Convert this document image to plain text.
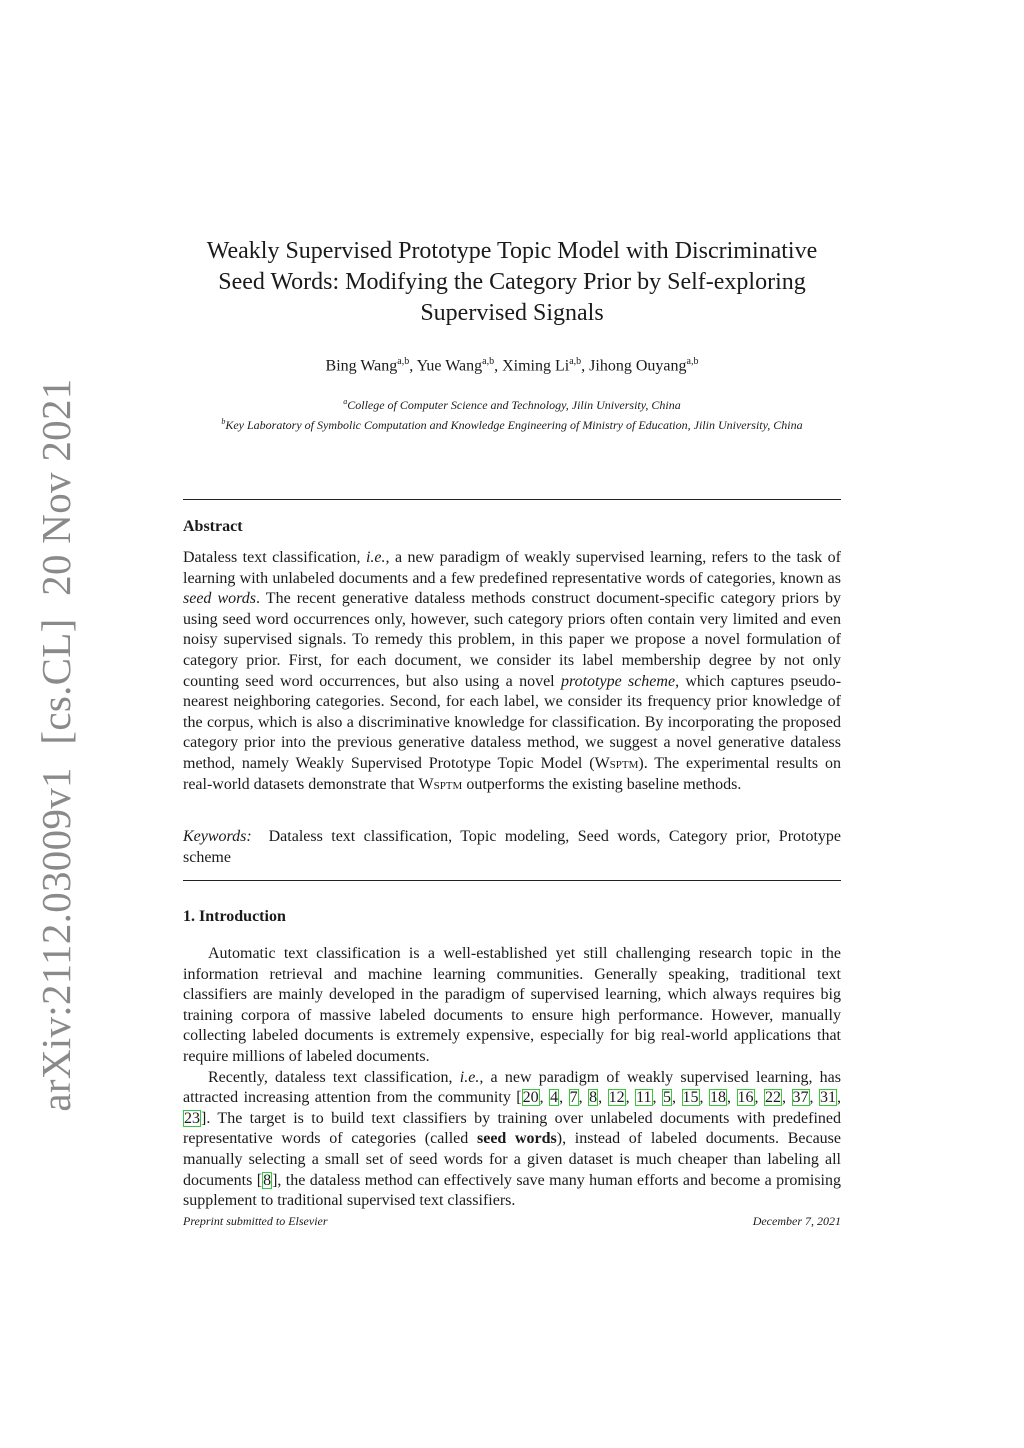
arXiv:2112.03009v1 [cs.CL] 20 Nov 2021
Weakly Supervised Prototype Topic Model with Discriminative
Seed Words: Modifying the Category Prior by Self-exploring
Supervised Signals
Bing Wang$^{a,b}$, Yue Wang$^{a,b}$, Ximing Li$^{a,b}$, Jihong Ouyang$^{a,b}$
$^a$College of Computer Science and Technology, Jilin University, China
$^b$Key Laboratory of Symbolic Computation and Knowledge Engineering of Ministry of Education, Jilin University, China
Abstract

Dataless text classification, i.e., a new paradigm of weakly supervised learning, refers to the task of learning with unlabeled documents and a few predefined representative words of categories, known as seed words. The recent generative dataless methods construct document-specific category priors by using seed word occurrences only, however, such category priors often contain very limited and even noisy supervised signals. To remedy this problem, in this paper we propose a novel formulation of category prior. First, for each document, we consider its label membership degree by not only counting seed word occurrences, but also using a novel prototype scheme, which captures pseudo-nearest neighboring categories. Second, for each label, we consider its frequency prior knowledge of the corpus, which is also a discriminative knowledge for classification. By incorporating the proposed category prior into the previous generative dataless method, we suggest a novel generative dataless method, namely Weakly Supervised Prototype Topic Model (Wsptm). The experimental results on real-world datasets demonstrate that Wsptm outperforms the existing baseline methods.

Keywords: Dataless text classification, Topic modeling, Seed words, Category prior, Prototype scheme

1. Introduction

Automatic text classification is a well-established yet still challenging research topic in the information retrieval and machine learning communities. Generally speaking, traditional text classifiers are mainly developed in the paradigm of supervised learning, which always requires big training corpora of massive labeled documents to ensure high performance. However, manually collecting labeled documents is extremely expensive, especially for big real-world applications that require millions of labeled documents.

Recently, dataless text classification, i.e., a new paradigm of weakly supervised learning, has attracted increasing attention from the community [20, 4, 7, 8, 12, 11, 5, 15, 18, 16, 22, 37, 31, 23]. The target is to build text classifiers by training over unlabeled documents with predefined representative words of categories (called seed words), instead of labeled documents. Because manually selecting a small set of seed words for a given dataset is much cheaper than labeling all documents [8], the dataless method can effectively save many human efforts and become a promising supplement to traditional supervised text classifiers.

Preprint submitted to Elsevier	December 7, 2021
